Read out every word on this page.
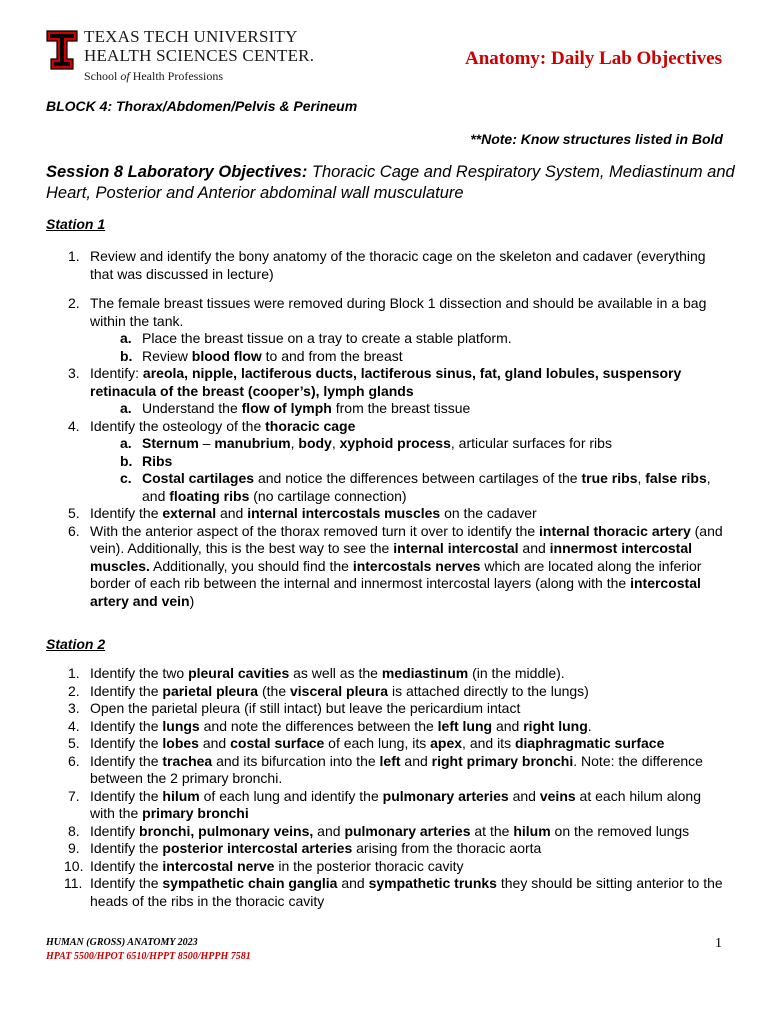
TEXAS TECH UNIVERSITY
HEALTH SCIENCES CENTER.
School of Health Professions
Anatomy: Daily Lab Objectives
BLOCK 4: Thorax/Abdomen/Pelvis & Perineum
**Note: Know structures listed in Bold
Session 8 Laboratory Objectives: Thoracic Cage and Respiratory System, Mediastinum and Heart, Posterior and Anterior abdominal wall musculature
Station 1
1. Review and identify the bony anatomy of the thoracic cage on the skeleton and cadaver (everything that was discussed in lecture)
2. The female breast tissues were removed during Block 1 dissection and should be available in a bag within the tank.
a. Place the breast tissue on a tray to create a stable platform.
b. Review blood flow to and from the breast
3. Identify: areola, nipple, lactiferous ducts, lactiferous sinus, fat, gland lobules, suspensory retinacula of the breast (cooper’s), lymph glands
a. Understand the flow of lymph from the breast tissue
4. Identify the osteology of the thoracic cage
a. Sternum – manubrium, body, xyphoid process, articular surfaces for ribs
b. Ribs
c. Costal cartilages and notice the differences between cartilages of the true ribs, false ribs, and floating ribs (no cartilage connection)
5. Identify the external and internal intercostals muscles on the cadaver
6. With the anterior aspect of the thorax removed turn it over to identify the internal thoracic artery (and vein). Additionally, this is the best way to see the internal intercostal and innermost intercostal muscles. Additionally, you should find the intercostals nerves which are located along the inferior border of each rib between the internal and innermost intercostal layers (along with the intercostal artery and vein)
Station 2
1. Identify the two pleural cavities as well as the mediastinum (in the middle).
2. Identify the parietal pleura (the visceral pleura is attached directly to the lungs)
3. Open the parietal pleura (if still intact) but leave the pericardium intact
4. Identify the lungs and note the differences between the left lung and right lung.
5. Identify the lobes and costal surface of each lung, its apex, and its diaphragmatic surface
6. Identify the trachea and its bifurcation into the left and right primary bronchi. Note: the difference between the 2 primary bronchi.
7. Identify the hilum of each lung and identify the pulmonary arteries and veins at each hilum along with the primary bronchi
8. Identify bronchi, pulmonary veins, and pulmonary arteries at the hilum on the removed lungs
9. Identify the posterior intercostal arteries arising from the thoracic aorta
10. Identify the intercostal nerve in the posterior thoracic cavity
11. Identify the sympathetic chain ganglia and sympathetic trunks they should be sitting anterior to the heads of the ribs in the thoracic cavity
HUMAN (GROSS) ANATOMY 2023
HPAT 5500/HPOT 6510/HPPT 8500/HPPH 7581
1
